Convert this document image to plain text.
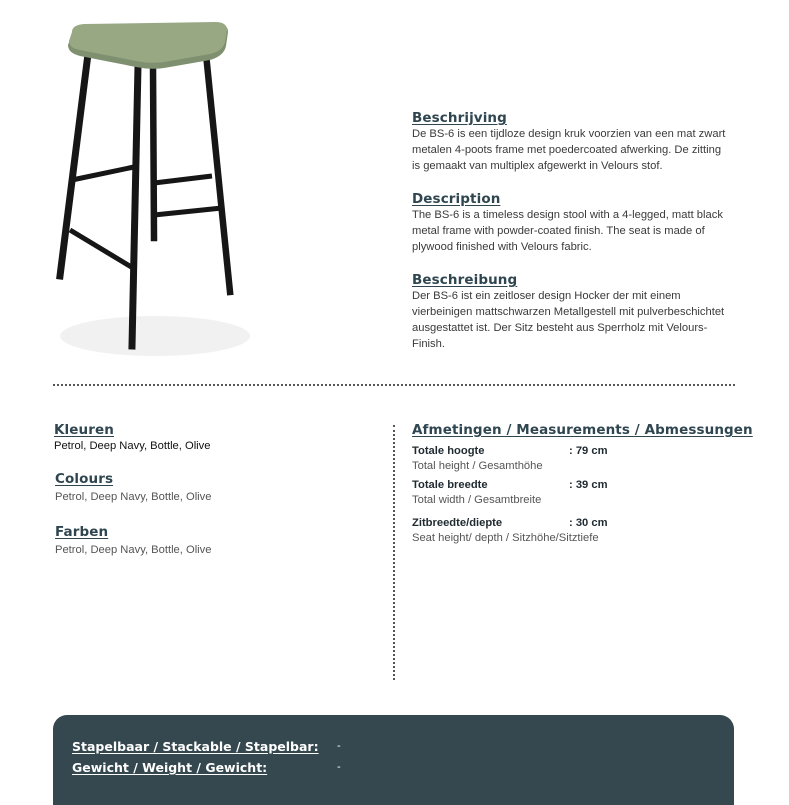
Beschrijving
De BS-6 is een tijdloze design kruk voorzien van een mat zwart
metalen 4-poots frame met poedercoated afwerking. De zitting
is gemaakt van multiplex afgewerkt in Velours stof.
Description
The BS-6 is a timeless design stool with a 4-legged, matt black
metal frame with powder-coated finish. The seat is made of
plywood finished with Velours fabric.
Beschreibung
Der BS-6 ist ein zeitloser design Hocker der mit einem
vierbeinigen mattschwarzen Metallgestell mit pulverbeschichtet
ausgestattet ist. Der Sitz besteht aus Sperrholz mit Velours-
Finish.
Kleuren
Petrol, Deep Navy, Bottle, Olive
Colours
Petrol, Deep Navy, Bottle, Olive
Farben
Petrol, Deep Navy, Bottle, Olive
Afmetingen / Measurements / Abmessungen
Totale hoogte	: 79 cm
Total height / Gesamthöhe
Totale breedte	: 39 cm
Total width / Gesamtbreite
Zitbreedte/diepte	: 30 cm
Seat height/ depth / Sitzhöhe/Sitztiefe
Stapelbaar / Stackable / Stapelbar: -
Gewicht / Weight / Gewicht:	-
